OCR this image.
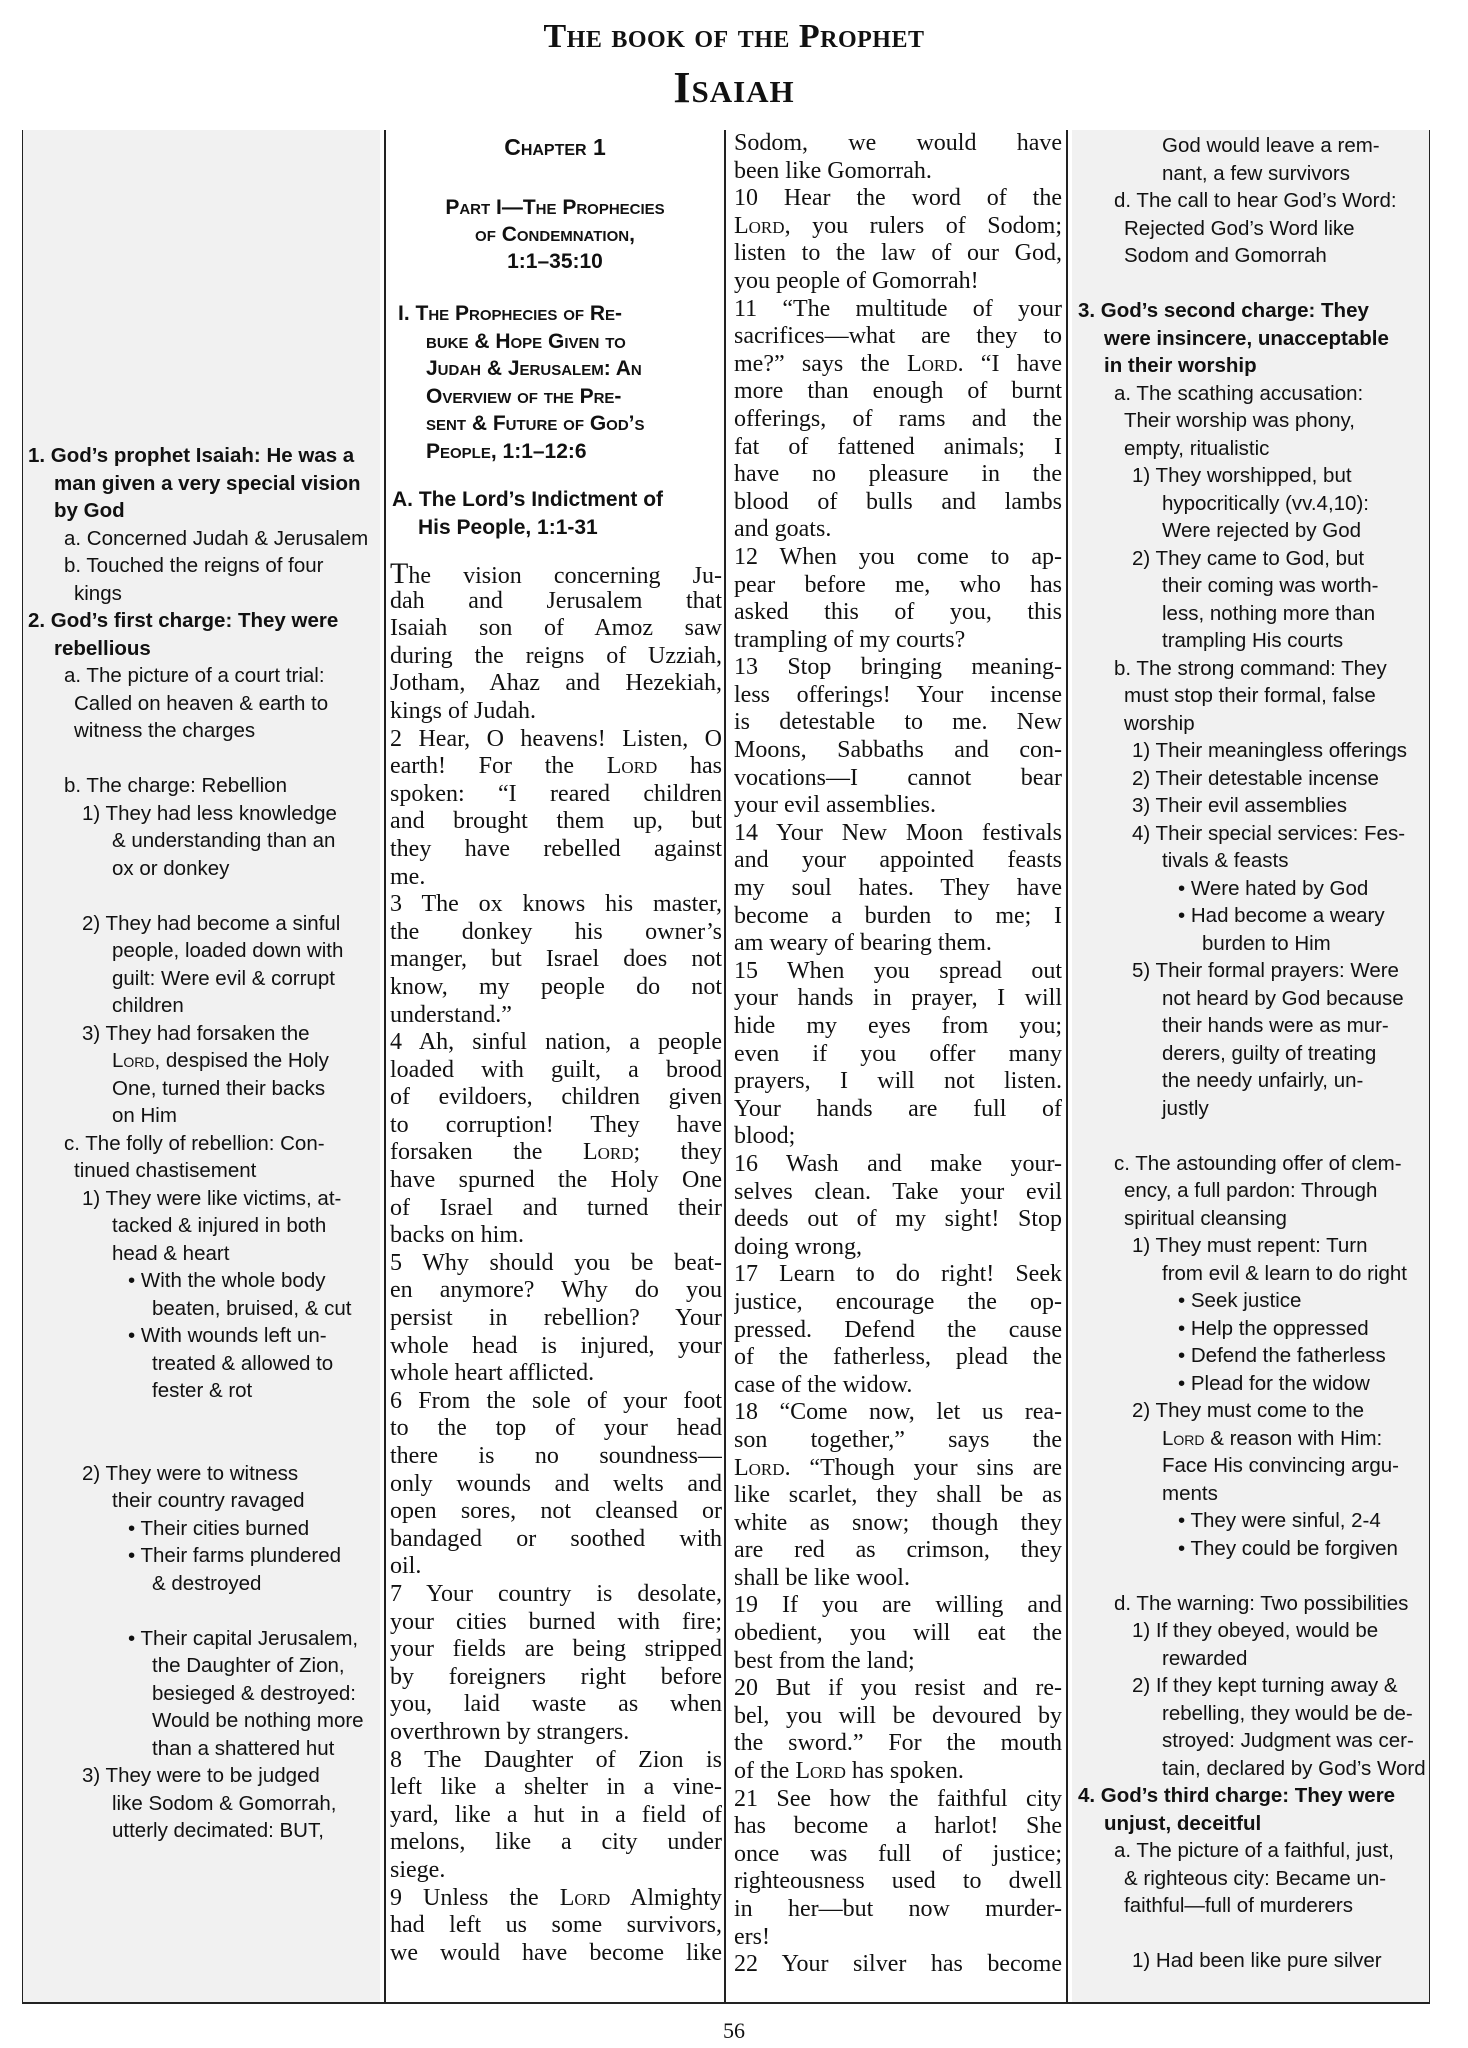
The book of the Prophet
Isaiah
1. God’s prophet Isaiah: He was a
man given a very special vision
by God
a. Concerned Judah & Jerusalem
b. Touched the reigns of four
kings
2. God’s first charge: They were
rebellious
a. The picture of a court trial:
Called on heaven & earth to
witness the charges
b. The charge: Rebellion
1) They had less knowledge
& understanding than an
ox or donkey
2) They had become a sinful
people, loaded down with
guilt: Were evil & corrupt
children
3) They had forsaken the
Lord, despised the Holy
One, turned their backs
on Him
c. The folly of rebellion: Con-
tinued chastisement
1) They were like victims, at-
tacked & injured in both
head & heart
• With the whole body
beaten, bruised, & cut
• With wounds left un-
treated & allowed to
fester & rot
2) They were to witness
their country ravaged
• Their cities burned
• Their farms plundered
& destroyed
• Their capital Jerusalem,
the Daughter of Zion,
besieged & destroyed:
Would be nothing more
than a shattered hut
3) They were to be judged
like Sodom & Gomorrah,
utterly decimated: BUT,
Chapter 1
Part I—The Prophecies
of Condemnation,
1:1–35:10
I. The Prophecies of Re-
buke & Hope Given to
Judah & Jerusalem: An
Overview of the Pre-
sent & Future of God’s
People, 1:1–12:6
A. The Lord’s Indictment of
His People, 1:1-31
The vision concerning Ju-
dah and Jerusalem that
Isaiah son of Amoz saw
during the reigns of Uzziah,
Jotham, Ahaz and Hezekiah,
kings of Judah.
2 Hear, O heavens! Listen, O
earth! For the Lord has
spoken: “I reared children
and brought them up, but
they have rebelled against
me.
3 The ox knows his master,
the donkey his owner’s
manger, but Israel does not
know, my people do not
understand.”
4 Ah, sinful nation, a people
loaded with guilt, a brood
of evildoers, children given
to corruption! They have
forsaken the Lord; they
have spurned the Holy One
of Israel and turned their
backs on him.
5 Why should you be beat-
en anymore? Why do you
persist in rebellion? Your
whole head is injured, your
whole heart afflicted.
6 From the sole of your foot
to the top of your head
there is no soundness—
only wounds and welts and
open sores, not cleansed or
bandaged or soothed with
oil.
7 Your country is desolate,
your cities burned with fire;
your fields are being stripped
by foreigners right before
you, laid waste as when
overthrown by strangers.
8 The Daughter of Zion is
left like a shelter in a vine-
yard, like a hut in a field of
melons, like a city under
siege.
9 Unless the Lord Almighty
had left us some survivors,
we would have become like
Sodom, we would have
been like Gomorrah.
10 Hear the word of the
Lord, you rulers of Sodom;
listen to the law of our God,
you people of Gomorrah!
11 “The multitude of your
sacrifices—what are they to
me?” says the Lord. “I have
more than enough of burnt
offerings, of rams and the
fat of fattened animals; I
have no pleasure in the
blood of bulls and lambs
and goats.
12 When you come to ap-
pear before me, who has
asked this of you, this
trampling of my courts?
13 Stop bringing meaning-
less offerings! Your incense
is detestable to me. New
Moons, Sabbaths and con-
vocations—I cannot bear
your evil assemblies.
14 Your New Moon festivals
and your appointed feasts
my soul hates. They have
become a burden to me; I
am weary of bearing them.
15 When you spread out
your hands in prayer, I will
hide my eyes from you;
even if you offer many
prayers, I will not listen.
Your hands are full of
blood;
16 Wash and make your-
selves clean. Take your evil
deeds out of my sight! Stop
doing wrong,
17 Learn to do right! Seek
justice, encourage the op-
pressed. Defend the cause
of the fatherless, plead the
case of the widow.
18 “Come now, let us rea-
son together,” says the
Lord. “Though your sins are
like scarlet, they shall be as
white as snow; though they
are red as crimson, they
shall be like wool.
19 If you are willing and
obedient, you will eat the
best from the land;
20 But if you resist and re-
bel, you will be devoured by
the sword.” For the mouth
of the Lord has spoken.
21 See how the faithful city
has become a harlot! She
once was full of justice;
righteousness used to dwell
in her—but now murder-
ers!
22 Your silver has become
God would leave a rem-
nant, a few survivors
d. The call to hear God’s Word:
Rejected God’s Word like
Sodom and Gomorrah
3. God’s second charge: They
were insincere, unacceptable
in their worship
a. The scathing accusation:
Their worship was phony,
empty, ritualistic
1) They worshipped, but
hypocritically (vv.4,10):
Were rejected by God
2) They came to God, but
their coming was worth-
less, nothing more than
trampling His courts
b. The strong command: They
must stop their formal, false
worship
1) Their meaningless offerings
2) Their detestable incense
3) Their evil assemblies
4) Their special services: Fes-
tivals & feasts
• Were hated by God
• Had become a weary
burden to Him
5) Their formal prayers: Were
not heard by God because
their hands were as mur-
derers, guilty of treating
the needy unfairly, un-
justly
c. The astounding offer of clem-
ency, a full pardon: Through
spiritual cleansing
1) They must repent: Turn
from evil & learn to do right
• Seek justice
• Help the oppressed
• Defend the fatherless
• Plead for the widow
2) They must come to the
Lord & reason with Him:
Face His convincing argu-
ments
• They were sinful, 2-4
• They could be forgiven
d. The warning: Two possibilities
1) If they obeyed, would be
rewarded
2) If they kept turning away &
rebelling, they would be de-
stroyed: Judgment was cer-
tain, declared by God’s Word
4. God’s third charge: They were
unjust, deceitful
a. The picture of a faithful, just,
& righteous city: Became un-
faithful—full of murderers
1) Had been like pure silver
56
